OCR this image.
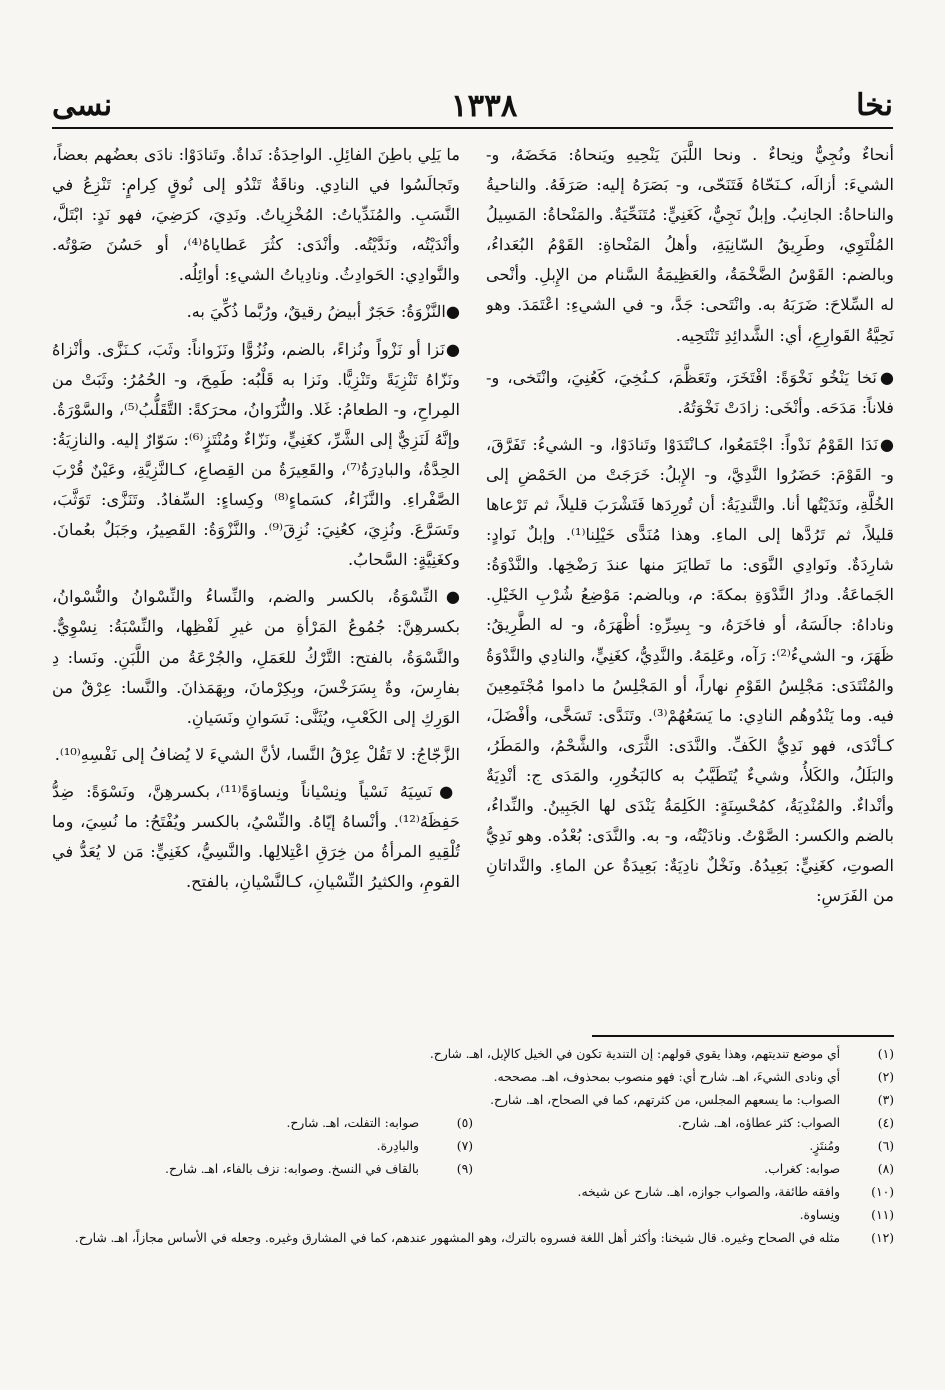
نسى	١٣٣٨	نخا

أنحاءٌ ونُجِيٌّ ونِحاءٌ . ونحا اللَّبَنَ يَنْحِيهِ ويَنحاهُ: مَخَضَهُ، و- الشيءَ: أزالَه، كـنَحّاهُ فَتَنَحّى، و- بَصَرَهُ إليه: صَرَفَهُ. والناحيةُ والناحاةُ: الجانِبُ. وإبلٌ نَجِيٌّ، كَغَنِيٍّ: مُتَنَحِّيَةٌ. والمَنْحاةُ: المَسِيلُ المُلْتَوِي، وطَرِيقُ السّانِيَةِ، وأهلُ المَنْحاةِ: القَوْمُ البُعَداءُ، وبالضم: القَوْسُ الضَّخْمَةُ، والعَظِيمَةُ السَّنام من الإِبلِ. وأنْحى له السِّلاحَ: ضَرَبَهُ به. وانْتَحى: جَدَّ، و- في الشيءِ: اعْتَمَدَ. وهو نَحِيَّةُ القَوارِعِ، أي: الشَّدائِدِ تَنْتَحِيه.

●نَخا يَنْخُو نَخْوَةً: افْتَخَرَ، وتَعَظَّمَ، كـنُخِيَ، كَعُنِيَ، وانْتَخى، و- فلاناً: مَدَحَه. وأنْخَى: زادَتْ نَخْوَتُهُ.

●نَدَا القَوْمُ نَدْواً: اجْتَمَعُوا، كـانْتَدَوْا وتَنادَوْا، و- الشيءُ: تَفَرَّقَ، و- القَوْمَ: حَضَرُوا النَّدِيَّ، و- الإِبلُ: خَرَجَتْ من الحَمْضِ إلى الخُلَّةِ، ونَدَيْتُها أنا. والتَّندِيَةُ: أن تُورِدَها فَتَشْرَبَ قليلاً، ثم تَرْعاها قليلاً، ثم تَرُدَّها إلى الماءِ. وهذا مُنَدًّى خَيْلِنا⁽¹⁾. وإبلٌ نَوادٍ: شارِدَةٌ. ونَوادِي النَّوَى: ما تَطايَرَ منها عندَ رَضْخِها. والنَّدْوَةُ: الجَماعَةُ. ودارُ النَّدْوَةِ بمكةَ: م، وبالضم: مَوْضِعُ شُرْبِ الخَيْلِ. وناداهُ: جالَسَهُ، أو فاخَرَهُ، و- بِسِرِّهِ: أظْهَرَهُ، و- له الطَّرِيقُ: ظَهَرَ، و- الشيءُ⁽²⁾: رَآه، وعَلِمَهُ. والنَّدِيُّ، كغَنِيٍّ، والنادِي والنَّدْوَةُ والمُنْتَدَى: مَجْلِسُ القَوْمِ نهاراً، أو المَجْلِسُ ما داموا مُجْتَمِعِينَ فيه. وما يَنْدُوهُم النادِي: ما يَسَعُهُمْ⁽³⁾. وتَنَدَّى: تَسَخَّى، وأفْضَلَ، كـأنْدَى، فهو نَدِيُّ الكَفِّ. والنَّدَى: الثَّرَى، والشَّحْمُ، والمَطَرُ، والبَلَلُ، والكَلأُ، وشيءٌ يُتَطَيَّبُ به كالبَخُورِ، والمَدَى ج: أنْدِيَةٌ وأنْداءٌ. والمُنْدِيَةُ، كمُحْسِنَةٍ: الكَلِمَةُ يَنْدَى لها الجَبِينُ. والنِّداءُ، بالضم والكسر: الصَّوْتُ. ونادَيْتُه، و- به. والنَّدَى: بُعْدُه. وهو نَدِيُّ الصوتِ، كغَنِيٍّ: بَعِيدُهُ. ونَخْلٌ نادِيَةٌ: بَعِيدَةٌ عن الماءِ. والنَّداتانِ من الفَرَسِ:

ما يَلِي باطِنَ الفائِلِ. الواحِدَةُ: نَداةٌ. وتَنادَوْا: نادَى بعضُهم بعضاً، وتَجالَسُوا في النادِي. وناقَةٌ تَنْدُو إلى نُوقٍ كِرامٍ: تَنْزِعُ في النَّسَبِ. والمُنَدِّياتُ: المُخْزِياتُ. ونَدِيَ، كرَضِيَ، فهو نَدٍ: ابْتَلَّ، وأنْدَيْتُه، ونَدَّيْتُه. وأنْدَى: كثُرَ عَطاياهُ⁽⁴⁾، أو حَسُنَ صَوْتُه. والنَّوادِي: الحَوادِثُ. ونادِياتُ الشيءِ: أوائِلُه.

●النَّزْوَةُ: حَجَرٌ أبيضُ رقيقٌ، ورُبَّما ذُكِّيَ به.

●نَزا أو نَزْواً ونُزاءً، بالضم، ونُزُوًّا ونَزَواناً: وثَبَ، كـنَزَّى. وأنْزاهُ ونَزّاهُ تَنْزِيَةً وتَنْزِيًّا. ونَزا به قَلْبُه: طَمِحَ، و- الحُمُرُ: وثَبَتْ من المِراحِ، و- الطعامُ: غَلا. والنُّزَوانُ، محرَكةً: التَّقَلُّبُ⁽⁵⁾، والسَّوْرَةُ. وإنَّهُ لَنَزِيٌّ إلى الشَّرِّ، كغَنِيٍّ، ونَزّاءٌ ومُنْتَزٍ⁽⁶⁾: سَوّارٌ إليه. والنازِيَةُ: الحِدَّةُ، والبادِرَةُ⁽⁷⁾، والقَعِيرَةُ من القِصاعِ، كـالنَّزِيَّةِ، وعَيْنٌ قُرْبَ الصَّفْراءِ. والنَّزَاءُ، كسَماءٍ⁽⁸⁾ وكِساءٍ: السِّفادُ. وتَنَزَّى: تَوَثَّبَ، وتَسَرَّعَ. ونُزِيَ، كعُنِيَ: نُزِقَ⁽⁹⁾. والنَّزْوَةُ: القَصِيرُ، وجَبَلٌ بعُمانَ. وكغَنِيَّةٍ: السَّحابُ.

●النِّسْوَةُ، بالكسر والضم، والنِّساءُ والنِّسْوانُ والنُّسْوانُ، بكسرهِنَّ: جُمُوعُ المَرْأةِ من غيرِ لَفْظِها، والنِّسْبَةُ: نِسْوِيٌّ. والنَّسْوَةُ، بالفتح: التَّرْكُ للعَمَلِ، والجُرْعَةُ من اللَّبَنِ. ونَسا: دِ بفارِسَ، وةٌ بِسَرَخْسَ، وبِكِرْمانَ، وبِهَمَذانَ. والنَّسا: عِرْقٌ من الوَرِكِ إلى الكَعْبِ، ويُثَنَّى: نَسَوانِ ونَسَيانِ.

الزَّجّاجُ: لا تَقُلْ عِرْقُ النَّسا، لأنَّ الشيءَ لا يُضافُ إلى نَفْسِهِ⁽¹⁰⁾.

●نَسِيَهُ نَسْياً ونِسْياناً ونِساوَةً⁽¹¹⁾، بكسرهِنَّ، ونَسْوَةً: ضِدُّ حَفِظَهُ⁽¹²⁾. وأنْساهُ إيّاهُ. والنِّسْيُ، بالكسر ويُفْتَحُ: ما نُسِيَ، وما تُلْقِيهِ المرأةُ من خِرَقِ اعْتِلالِها. والنَّسِيُّ، كغَنِيٍّ: مَن لا يُعَدُّ في القومِ، والكثيرُ النِّسْيانِ، كـالنَّسْيانِ، بالفتح.

(١)
أي موضع تنديتهم، وهذا يقوي قولهم: إن التندية تكون في الخيل كالإبل، اهـ. شارح.
(٢)
أي ونادى الشيءَ، اهـ. شارح أي: فهو منصوب بمحذوف، اهـ. مصححه.
(٣)
الصواب: ما يسعهم المجلس، من كثرتهم، كما في الصحاح، اهـ. شارح.
(٤)
الصواب: كثر عطاؤه، اهـ. شارح.
(٥)
صوابه: التفلت، اهـ. شارح.
(٦)
ومُنتَزٍ.
(٧)
والبادِرة.
(٨)
صوابه: كغراب.
(٩)
بالقاف في النسخ. وصوابه: نزف بالفاء، اهـ. شارح.
(١٠)
وافقه طائفة، والصواب جوازه، اهـ. شارح عن شيخه.
(١١)
ونِساوة.
(١٢)
مثله في الصحاح وغيره. قال شيخنا: وأكثر أهل اللغة فسروه بالترك، وهو المشهور عندهم، كما في المشارق وغيره. وجعله في الأساس مجازاً، اهـ. شارح.
